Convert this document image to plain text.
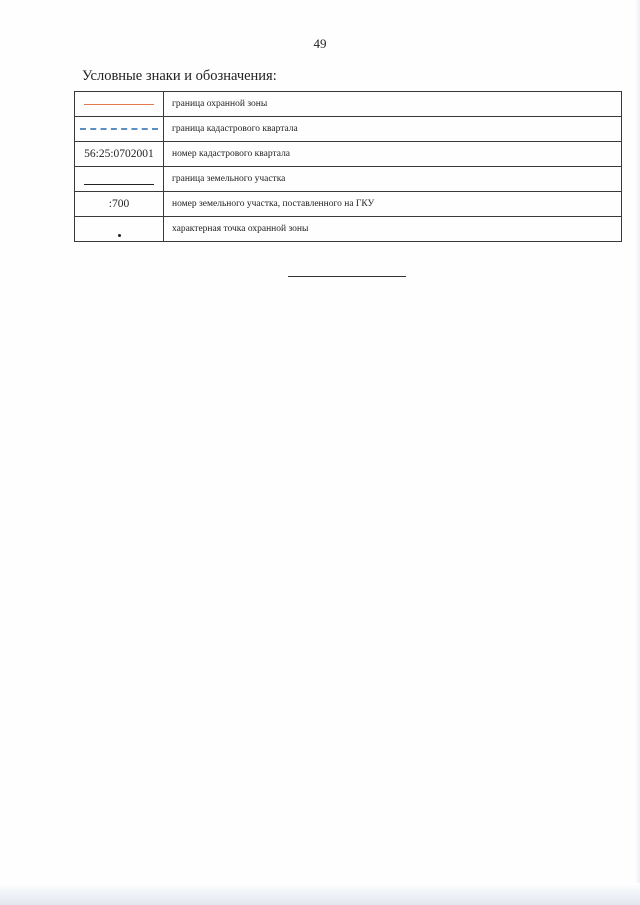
49
Условные знаки и обозначения:
	граница охранной зоны
	граница кадастрового квартала
56:25:0702001	номер кадастрового квартала
	граница земельного участка
:700	номер земельного участка, поставленного на ГКУ
	характерная точка охранной зоны
